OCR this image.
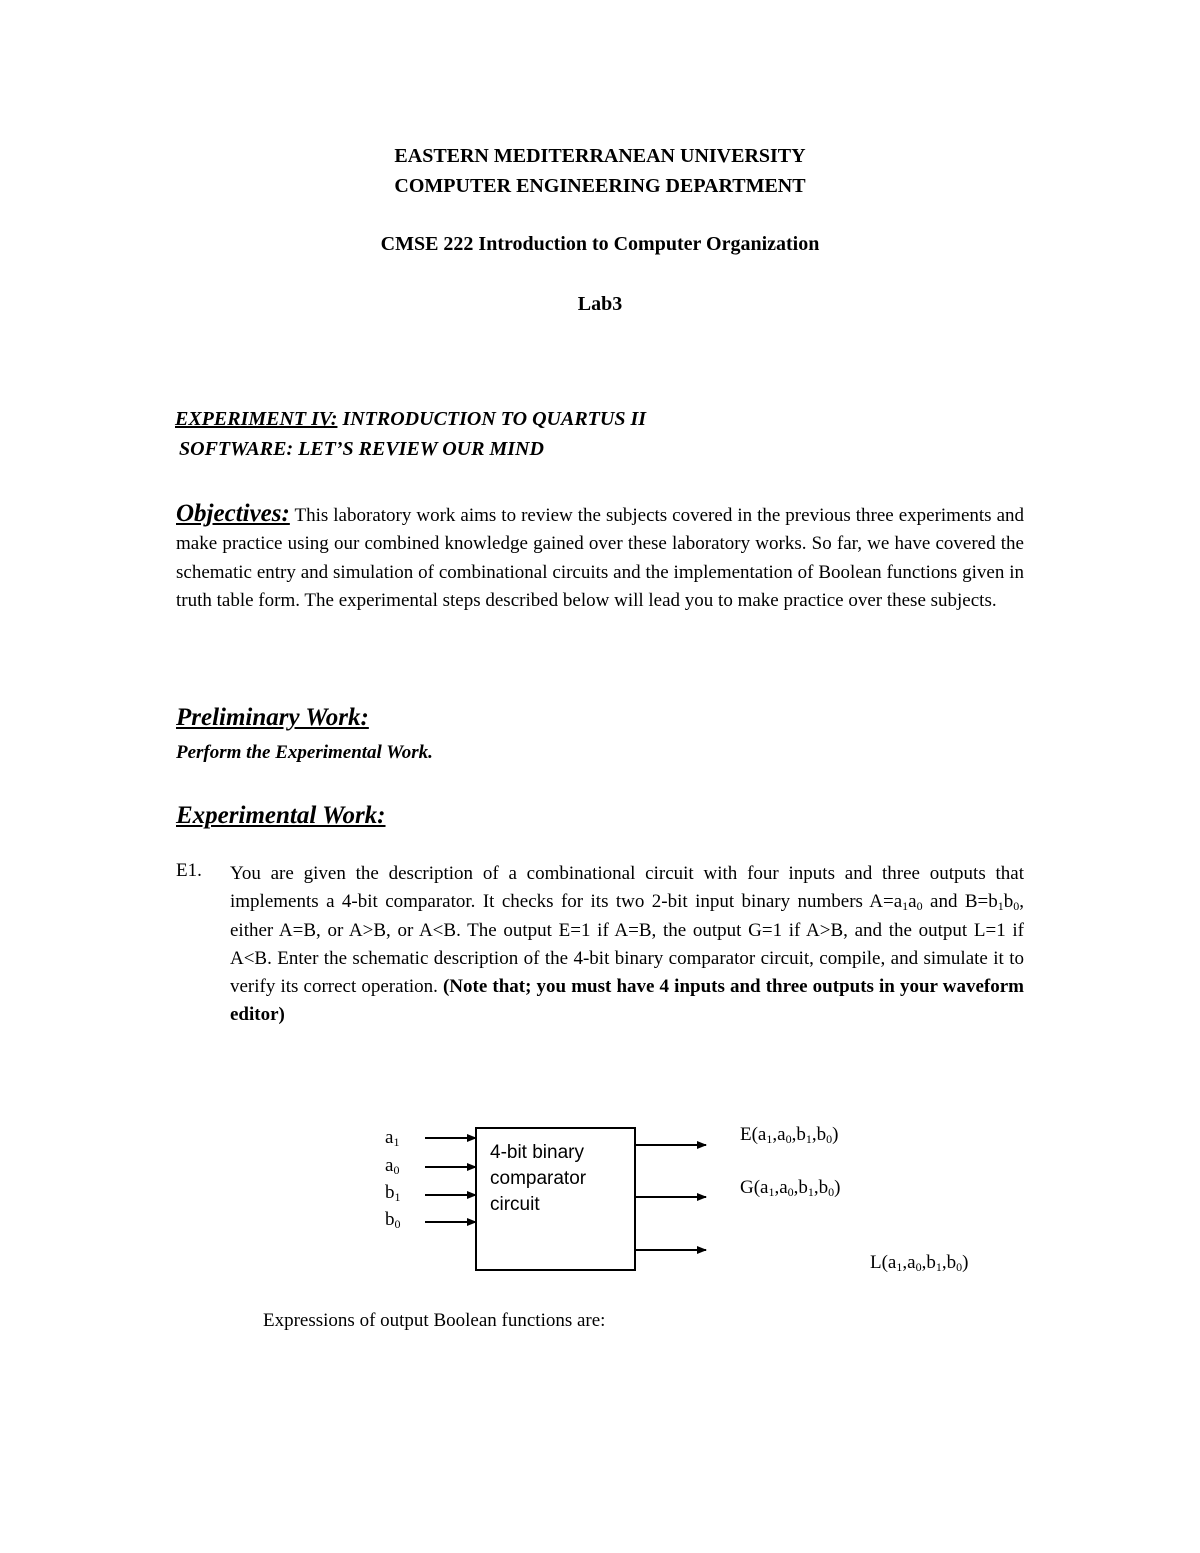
EASTERN MEDITERRANEAN UNIVERSITY
COMPUTER ENGINEERING DEPARTMENT
CMSE 222 Introduction to Computer Organization
Lab3
EXPERIMENT IV: INTRODUCTION TO QUARTUS II
SOFTWARE: LET’S REVIEW OUR MIND
Objectives: This laboratory work aims to review the subjects covered in the previous three experiments and make practice using our combined knowledge gained over these laboratory works. So far, we have covered the schematic entry and simulation of combinational circuits and the implementation of Boolean functions given in truth table form. The experimental steps described below will lead you to make practice over these subjects.
Preliminary Work:
Perform the Experimental Work.
Experimental Work:
E1. You are given the description of a combinational circuit with four inputs and three outputs that implements a 4-bit comparator. It checks for its two 2-bit input binary numbers $A=a_1a_0$ and $B=b_1b_0$, either A=B, or A>B, or A<B. The output E=1 if A=B, the output G=1 if A>B, and the output L=1 if A<B. Enter the schematic description of the 4-bit binary comparator circuit, compile, and simulate it to verify its correct operation. (Note that; you must have 4 inputs and three outputs in your waveform editor)
$a_1$
$a_0$
$b_1$
$b_0$
4-bit binary
comparator
circuit
$E(a_1,a_0,b_1,b_0)$
$G(a_1,a_0,b_1,b_0)$
$L(a_1,a_0,b_1,b_0)$
Expressions of output Boolean functions are:
